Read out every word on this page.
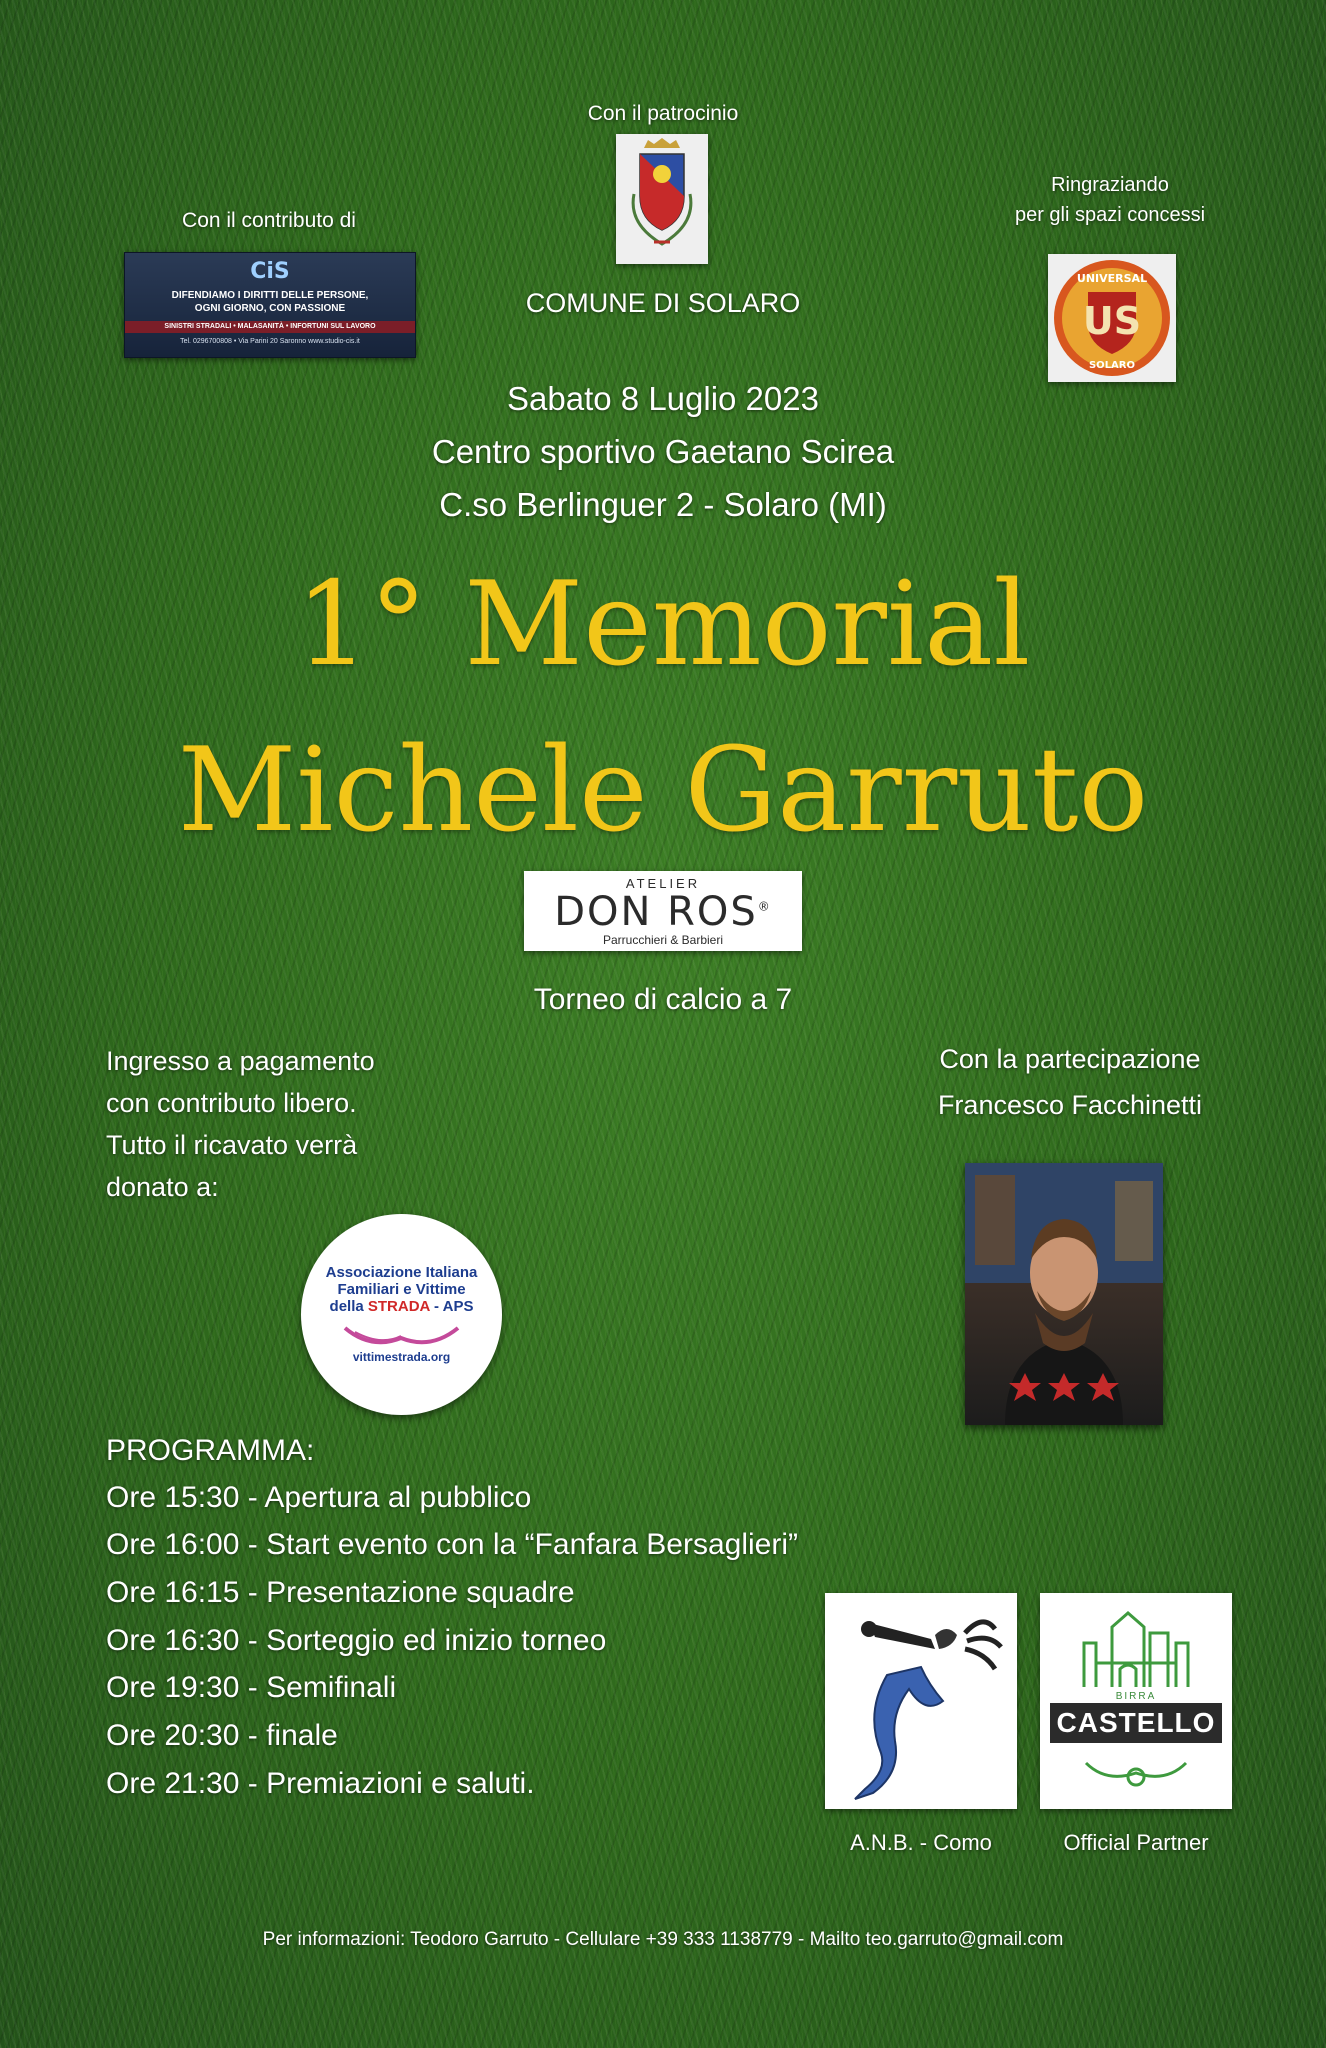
Con il patrocinio
COMUNE DI SOLARO
Con il contributo di
CiS
DIFENDIAMO I DIRITTI DELLE PERSONE,
OGNI GIORNO, CON PASSIONE
SINISTRI STRADALI • MALASANITÀ • INFORTUNI SUL LAVORO
Tel. 0296700808 • Via Parini 20 Saronno www.studio-cis.it
Ringraziando
per gli spazi concessi
US
UNIVERSAL
SOLARO
Sabato 8 Luglio 2023
Centro sportivo Gaetano Scirea
C.so Berlinguer 2 - Solaro (MI)
1° Memorial
Michele Garruto
ATELIER
DON ROS®
Parrucchieri & Barbieri
Torneo di calcio a 7
Ingresso a pagamento
con contributo libero.
Tutto il ricavato verrà
donato a:
Associazione Italiana
Familiari e Vittime
della STRADA - APS
vittimestrada.org
Con la partecipazione
Francesco Facchinetti
PROGRAMMA:
Ore 15:30 - Apertura al pubblico
Ore 16:00 - Start evento con la “Fanfara Bersaglieri”
Ore 16:15 - Presentazione squadre
Ore 16:30 - Sorteggio ed inizio torneo
Ore 19:30 - Semifinali
Ore 20:30 - finale
Ore 21:30 - Premiazioni e saluti.
BIRRA
CASTELLO
A.N.B. - Como	Official Partner
Per informazioni: Teodoro Garruto - Cellulare +39 333 1138779 - Mailto teo.garruto@gmail.com
